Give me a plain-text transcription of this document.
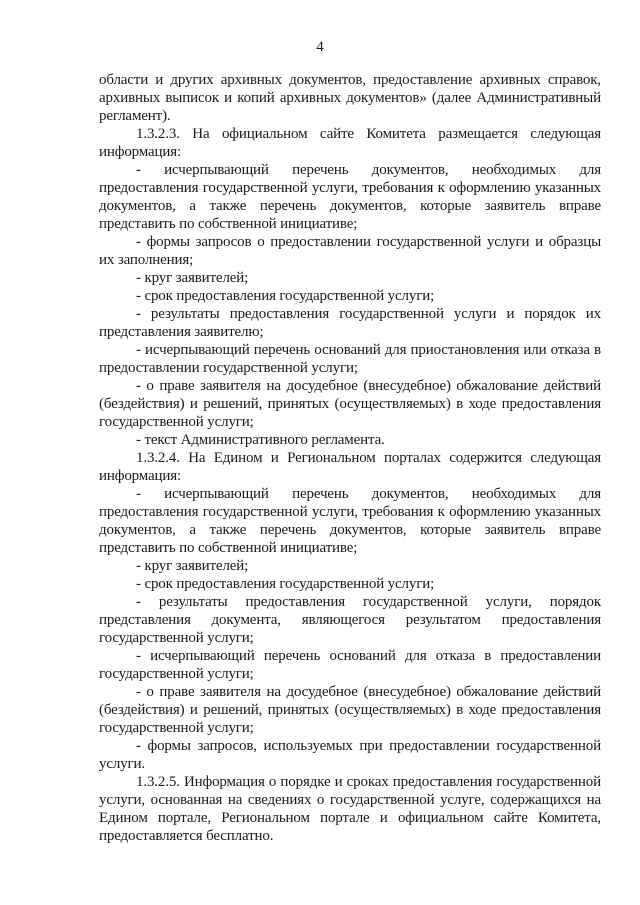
4

области и других архивных документов, предоставление архивных справок, архивных выписок и копий архивных документов» (далее Административный регламент).

1.3.2.3. На официальном сайте Комитета размещается следующая информация:

- исчерпывающий перечень документов, необходимых для предоставления государственной услуги, требования к оформлению указанных документов, а также перечень документов, которые заявитель вправе представить по собственной инициативе;

- формы запросов о предоставлении государственной услуги и образцы их заполнения;

- круг заявителей;

- срок предоставления государственной услуги;

- результаты предоставления государственной услуги и порядок их представления заявителю;

- исчерпывающий перечень оснований для приостановления или отказа в предоставлении государственной услуги;

- о праве заявителя на досудебное (внесудебное) обжалование действий (бездействия) и решений, принятых (осуществляемых) в ходе предоставления государственной услуги;

- текст Административного регламента.

1.3.2.4. На Едином и Региональном порталах содержится следующая информация:

- исчерпывающий перечень документов, необходимых для предоставления государственной услуги, требования к оформлению указанных документов, а также перечень документов, которые заявитель вправе представить по собственной инициативе;

- круг заявителей;

- срок предоставления государственной услуги;

- результаты предоставления государственной услуги, порядок представления документа, являющегося результатом предоставления государственной услуги;

- исчерпывающий перечень оснований для отказа в предоставлении государственной услуги;

- о праве заявителя на досудебное (внесудебное) обжалование действий (бездействия) и решений, принятых (осуществляемых) в ходе предоставления государственной услуги;

- формы запросов, используемых при предоставлении государственной услуги.

1.3.2.5. Информация о порядке и сроках предоставления государственной услуги, основанная на сведениях о государственной услуге, содержащихся на Едином портале, Региональном портале и официальном сайте Комитета, предоставляется бесплатно.
